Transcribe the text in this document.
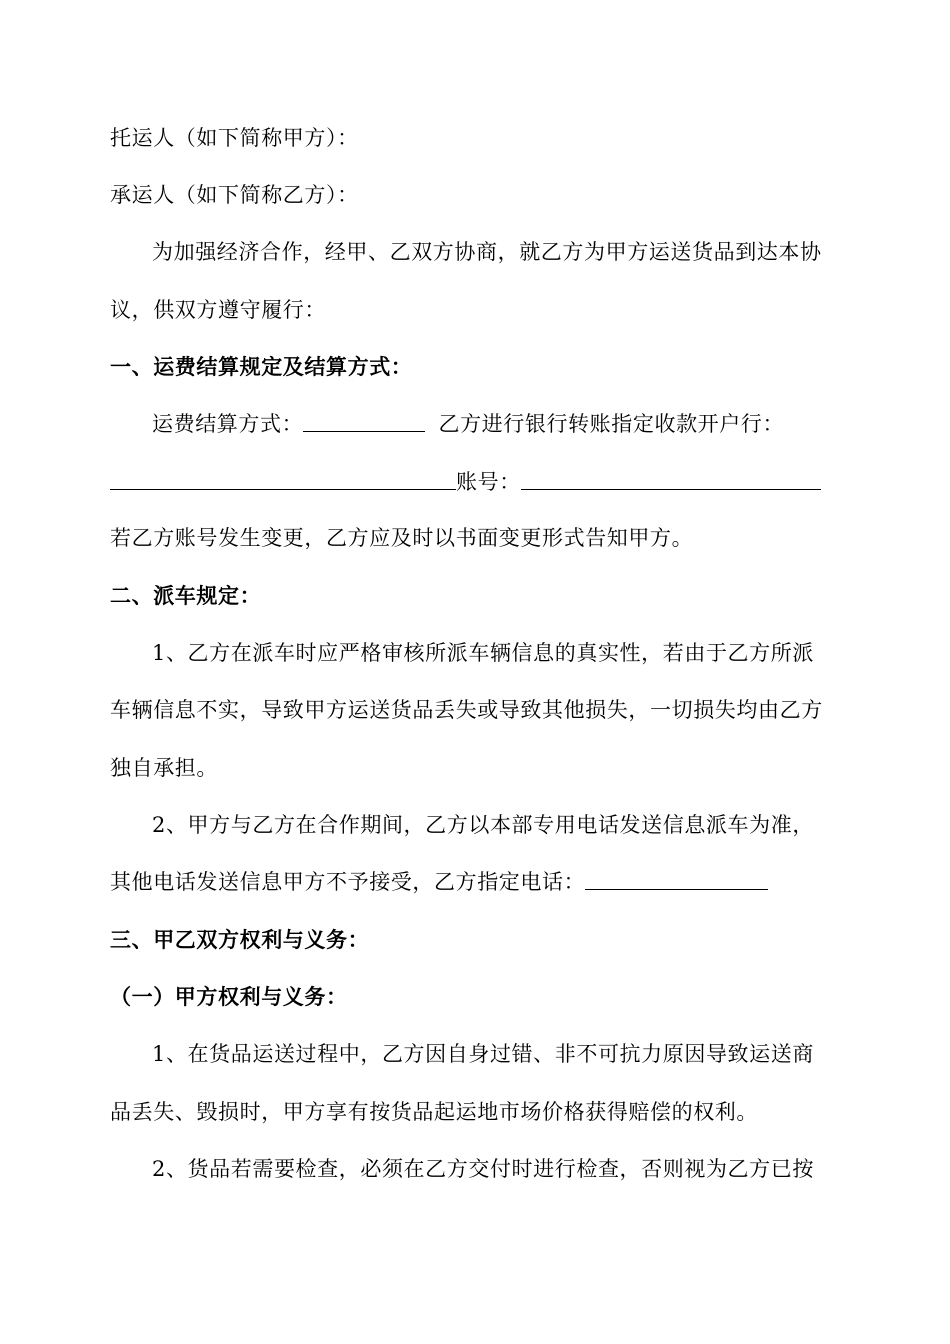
托运人（如下简称甲方）：
承运人（如下简称乙方）：
为加强经济合作，经甲、乙双方协商，就乙方为甲方运送货品到达本协
议，供双方遵守履行：
一、运费结算规定及结算方式：
运费结算方式：	乙方进行银行转账指定收款开户行：
账号：
若乙方账号发生变更，乙方应及时以书面变更形式告知甲方。
二、派车规定：
1、乙方在派车时应严格审核所派车辆信息的真实性，若由于乙方所派
车辆信息不实，导致甲方运送货品丢失或导致其他损失，一切损失均由乙方
独自承担。
2、甲方与乙方在合作期间，乙方以本部专用电话发送信息派车为准，
其他电话发送信息甲方不予接受，乙方指定电话：
三、甲乙双方权利与义务：
（一）甲方权利与义务：
1、在货品运送过程中，乙方因自身过错、非不可抗力原因导致运送商
品丢失、毁损时，甲方享有按货品起运地市场价格获得赔偿的权利。
2、货品若需要检查，必须在乙方交付时进行检查，否则视为乙方已按
